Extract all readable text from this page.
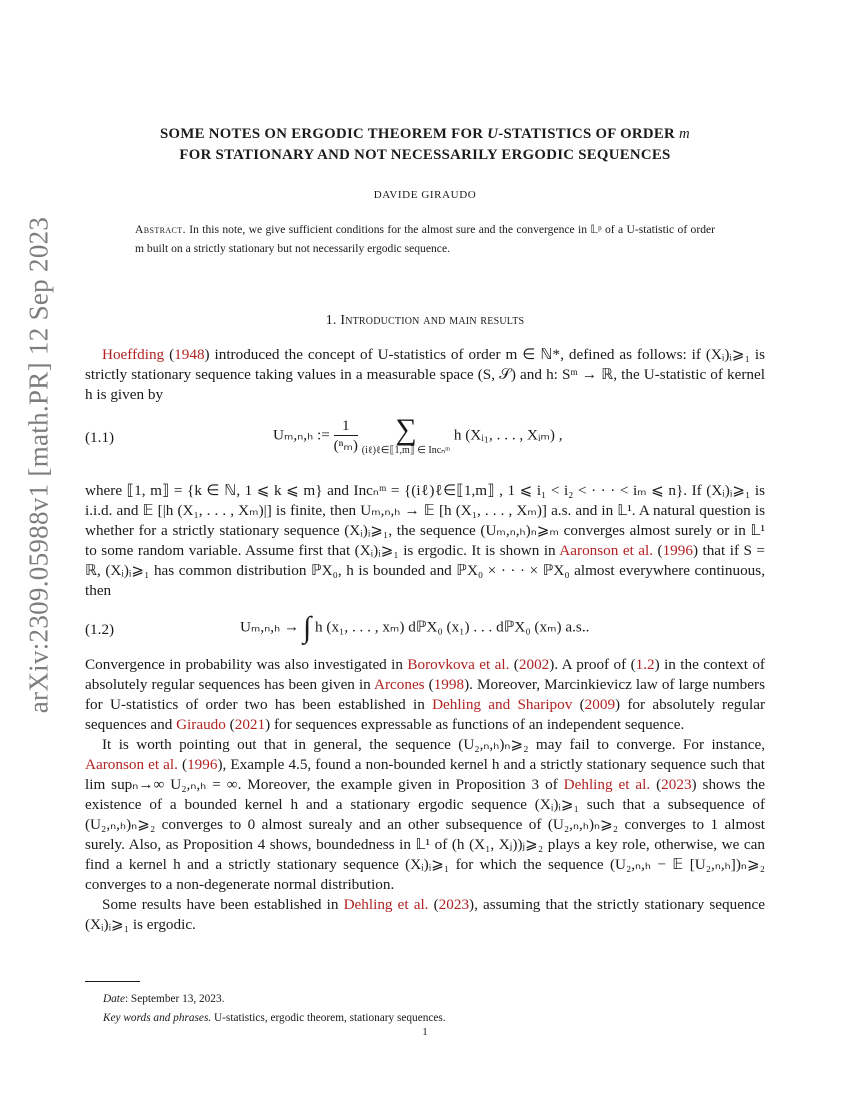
arXiv:2309.05988v1 [math.PR] 12 Sep 2023
SOME NOTES ON ERGODIC THEOREM FOR U-STATISTICS OF ORDER m
FOR STATIONARY AND NOT NECESSARILY ERGODIC SEQUENCES
DAVIDE GIRAUDO
Abstract. In this note, we give sufficient conditions for the almost sure and the convergence in 𝕃ᵖ of a U-statistic of order m built on a strictly stationary but not necessarily ergodic sequence.
1. Introduction and main results

Hoeffding (1948) introduced the concept of U-statistics of order m ∈ ℕ*, defined as follows: if (Xᵢ)ᵢ⩾₁ is strictly stationary sequence taking values in a measurable space (S, 𝒮) and h: Sᵐ → ℝ, the U-statistic of kernel h is given by

(1.1)	Uₘ,ₙ,ₕ := $\frac{1}{\text{(ⁿₘ)}}$
	∑
(iℓ)ℓ∈⟦1,m⟧ ∈ Incₙᵐ
h (Xᵢ₁, . . . , Xᵢₘ) ,

where ⟦1, m⟧ = {k ∈ ℕ, 1 ⩽ k ⩽ m} and Incₙᵐ = {(iℓ)ℓ∈⟦1,m⟧ , 1 ⩽ i₁ < i₂ < · · · < iₘ ⩽ n}. If (Xᵢ)ᵢ⩾₁ is i.i.d. and 𝔼 [|h (X₁, . . . , Xₘ)|] is finite, then Uₘ,ₙ,ₕ → 𝔼 [h (X₁, . . . , Xₘ)] a.s. and in 𝕃¹. A natural question is whether for a strictly stationary sequence (Xᵢ)ᵢ⩾₁, the sequence (Uₘ,ₙ,ₕ)ₙ⩾ₘ converges almost surely or in 𝕃¹ to some random variable. Assume first that (Xᵢ)ᵢ⩾₁ is ergodic. It is shown in Aaronson et al. (1996) that if S = ℝ, (Xᵢ)ᵢ⩾₁ has common distribution ℙX₀, h is bounded and ℙX₀ × · · · × ℙX₀ almost everywhere continuous, then

(1.2)	Uₘ,ₙ,ₕ → ∫ h (x₁, . . . , xₘ) dℙX₀ (x₁) . . . dℙX₀ (xₘ) a.s..

Convergence in probability was also investigated in Borovkova et al. (2002). A proof of (1.2) in the context of absolutely regular sequences has been given in Arcones (1998). Moreover, Marcinkievicz law of large numbers for U-statistics of order two has been established in Dehling and Sharipov (2009) for absolutely regular sequences and Giraudo (2021) for sequences expressable as functions of an independent sequence.

It is worth pointing out that in general, the sequence (U₂,ₙ,ₕ)ₙ⩾₂ may fail to converge. For instance, Aaronson et al. (1996), Example 4.5, found a non-bounded kernel h and a strictly stationary sequence such that lim supₙ→∞ U₂,ₙ,ₕ = ∞. Moreover, the example given in Proposition 3 of Dehling et al. (2023) shows the existence of a bounded kernel h and a stationary ergodic sequence (Xᵢ)ᵢ⩾₁ such that a subsequence of (U₂,ₙ,ₕ)ₙ⩾₂ converges to 0 almost surealy and an other subsequence of (U₂,ₙ,ₕ)ₙ⩾₂ converges to 1 almost surely. Also, as Proposition 4 shows, boundedness in 𝕃¹ of (h (X₁, Xⱼ))ⱼ⩾₂ plays a key role, otherwise, we can find a kernel h and a strictly stationary sequence (Xᵢ)ᵢ⩾₁ for which the sequence (U₂,ₙ,ₕ − 𝔼 [U₂,ₙ,ₕ])ₙ⩾₂ converges to a non-degenerate normal distribution.

Some results have been established in Dehling et al. (2023), assuming that the strictly stationary sequence (Xᵢ)ᵢ⩾₁ is ergodic.

Date: September 13, 2023.
Key words and phrases. U-statistics, ergodic theorem, stationary sequences.
1
